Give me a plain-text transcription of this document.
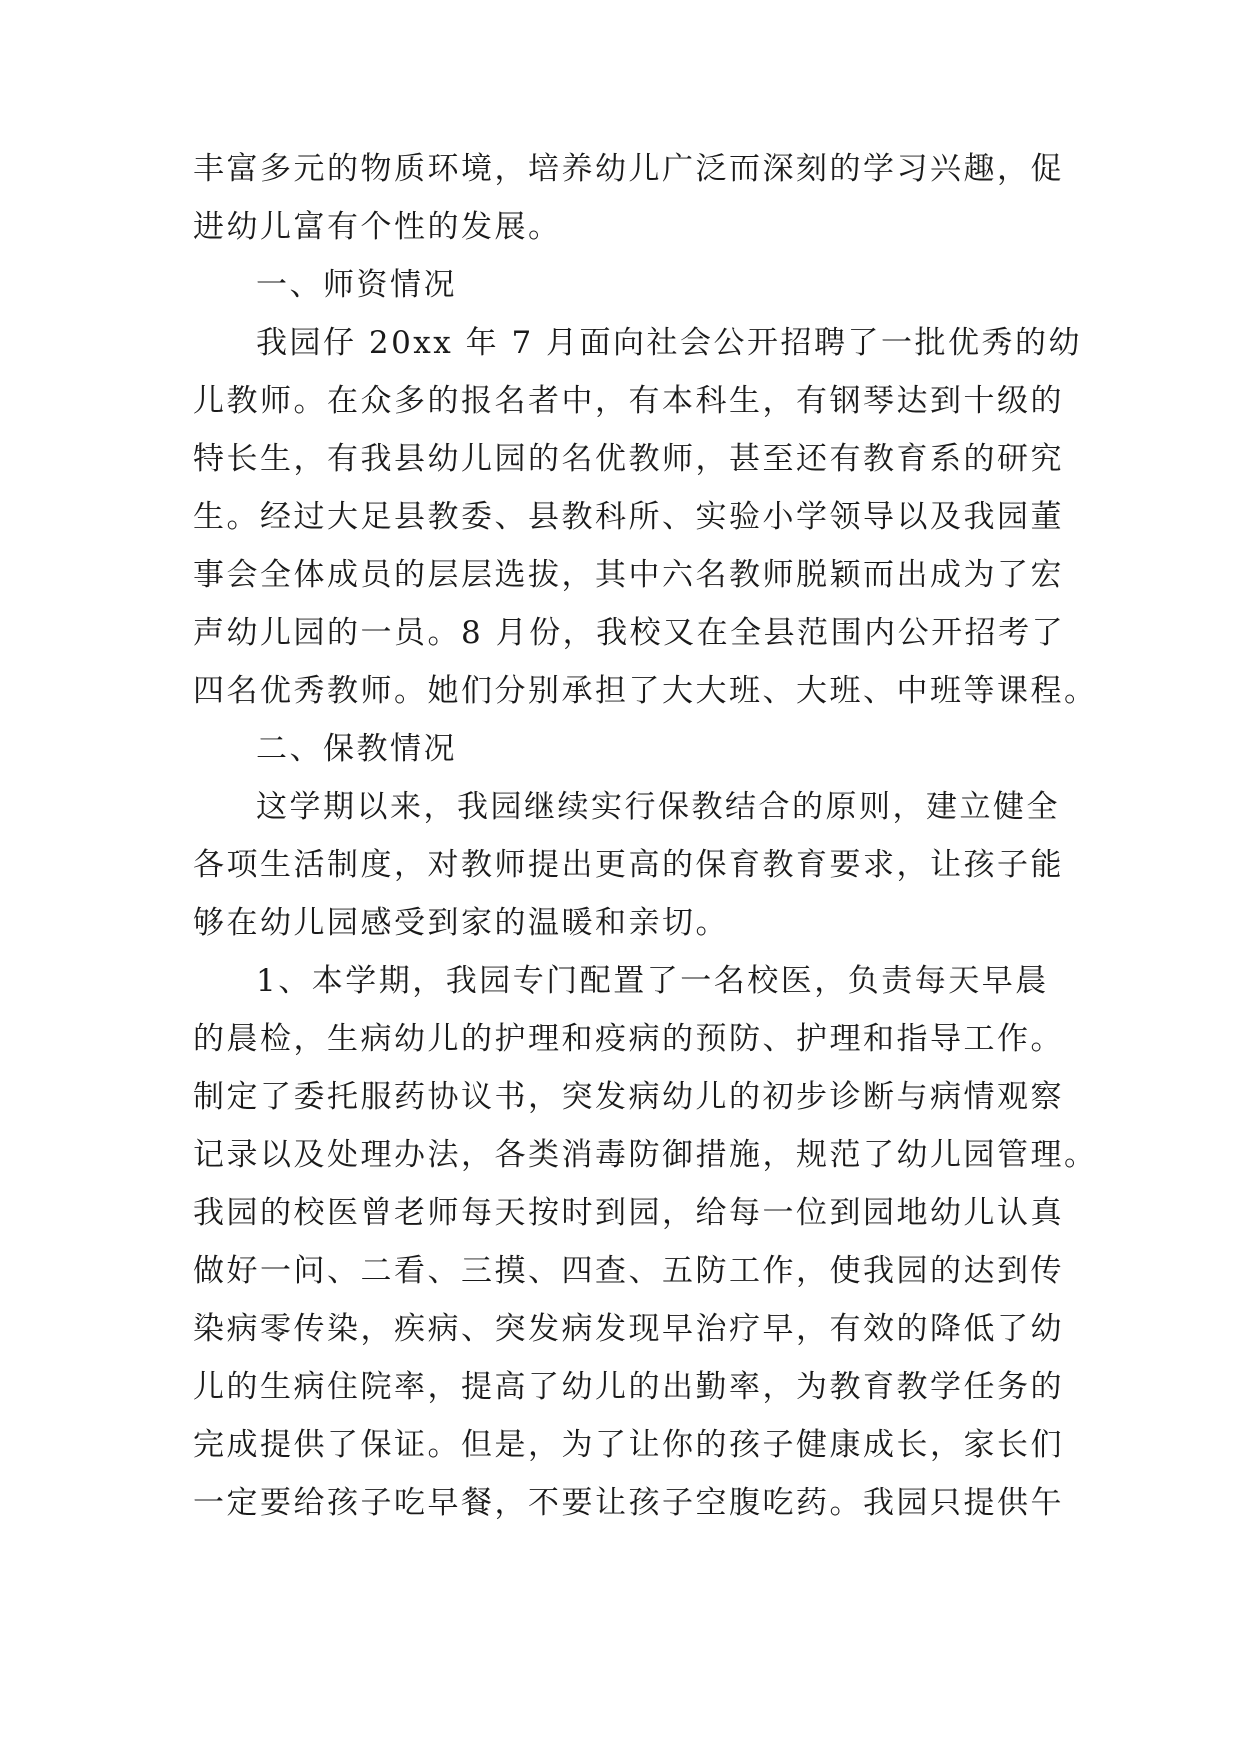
丰富多元的物质环境，培养幼儿广泛而深刻的学习兴趣，促

进幼儿富有个性的发展。

一、师资情况

我园仔 20xx 年 7 月面向社会公开招聘了一批优秀的幼

儿教师。在众多的报名者中，有本科生，有钢琴达到十级的

特长生，有我县幼儿园的名优教师，甚至还有教育系的研究

生。经过大足县教委、县教科所、实验小学领导以及我园董

事会全体成员的层层选拔，其中六名教师脱颖而出成为了宏

声幼儿园的一员。8 月份，我校又在全县范围内公开招考了

四名优秀教师。她们分别承担了大大班、大班、中班等课程。

二、保教情况

这学期以来，我园继续实行保教结合的原则，建立健全

各项生活制度，对教师提出更高的保育教育要求，让孩子能

够在幼儿园感受到家的温暖和亲切。

1、本学期，我园专门配置了一名校医，负责每天早晨

的晨检，生病幼儿的护理和疫病的预防、护理和指导工作。

制定了委托服药协议书，突发病幼儿的初步诊断与病情观察

记录以及处理办法，各类消毒防御措施，规范了幼儿园管理。

我园的校医曾老师每天按时到园，给每一位到园地幼儿认真

做好一问、二看、三摸、四查、五防工作，使我园的达到传

染病零传染，疾病、突发病发现早治疗早，有效的降低了幼

儿的生病住院率，提高了幼儿的出勤率，为教育教学任务的

完成提供了保证。但是，为了让你的孩子健康成长，家长们

一定要给孩子吃早餐，不要让孩子空腹吃药。我园只提供午
